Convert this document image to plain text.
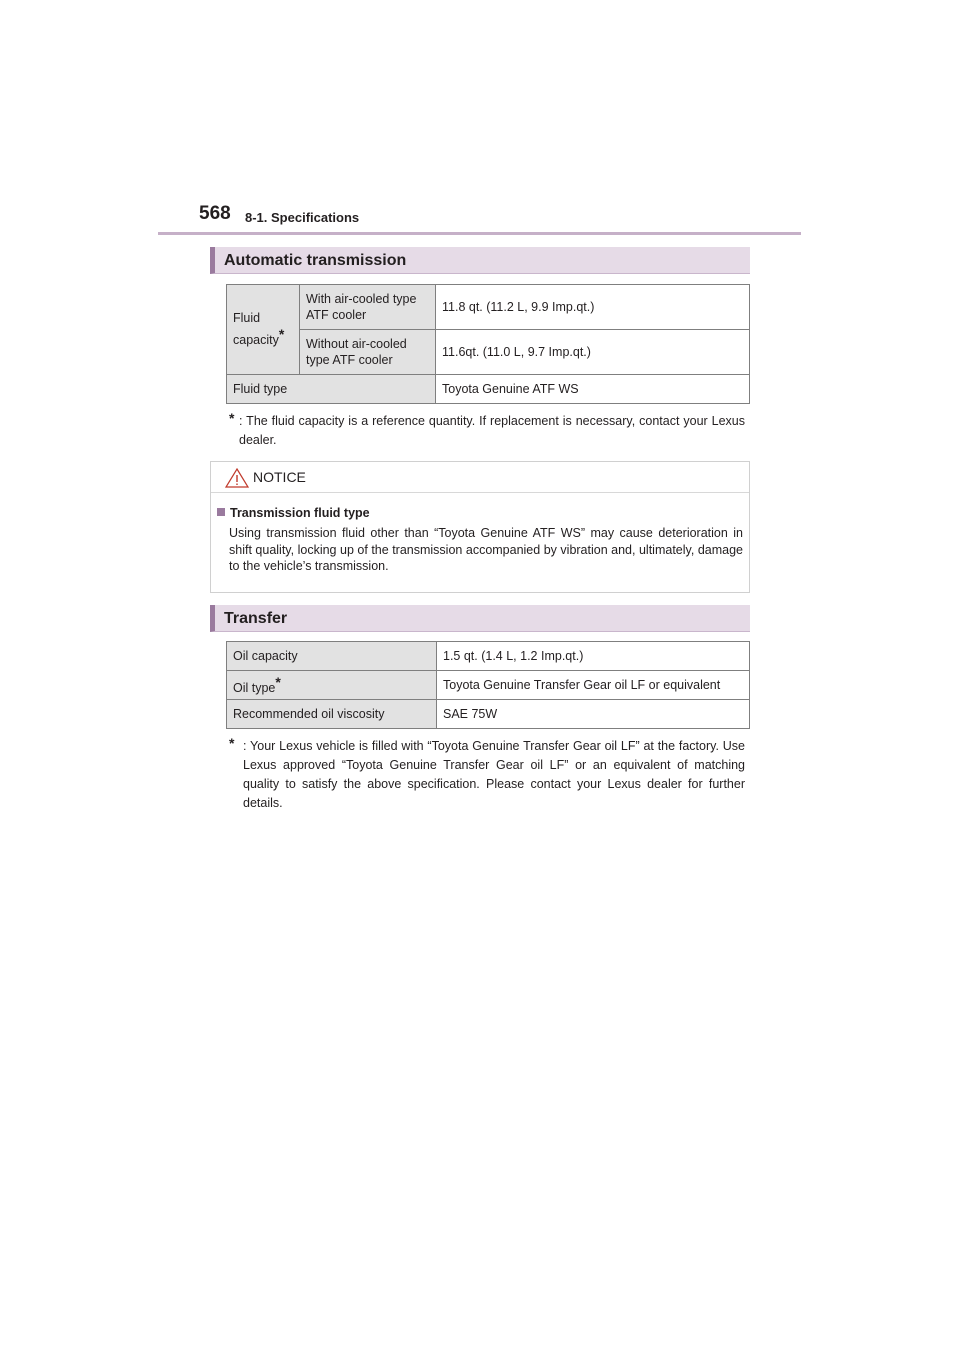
568 8-1. Specifications
Automatic transmission
Fluid capacity*	With air-cooled type ATF cooler	11.8 qt. (11.2 L, 9.9 Imp.qt.)
	Without air-cooled type ATF cooler	11.6qt. (11.0 L, 9.7 Imp.qt.)
Fluid type		Toyota Genuine ATF WS
* : The fluid capacity is a reference quantity. If replacement is necessary, contact your Lexus dealer.
NOTICE
Transmission fluid type
Using transmission fluid other than “Toyota Genuine ATF WS” may cause deterioration in shift quality, locking up of the transmission accompanied by vibration and, ultimately, damage to the vehicle’s transmission.
Transfer
Oil capacity	1.5 qt. (1.4 L, 1.2 Imp.qt.)
Oil type*	Toyota Genuine Transfer Gear oil LF or equivalent
Recommended oil viscosity	SAE 75W
* : Your Lexus vehicle is filled with “Toyota Genuine Transfer Gear oil LF” at the factory. Use Lexus approved “Toyota Genuine Transfer Gear oil LF” or an equivalent of matching quality to satisfy the above specification. Please contact your Lexus dealer for further details.
